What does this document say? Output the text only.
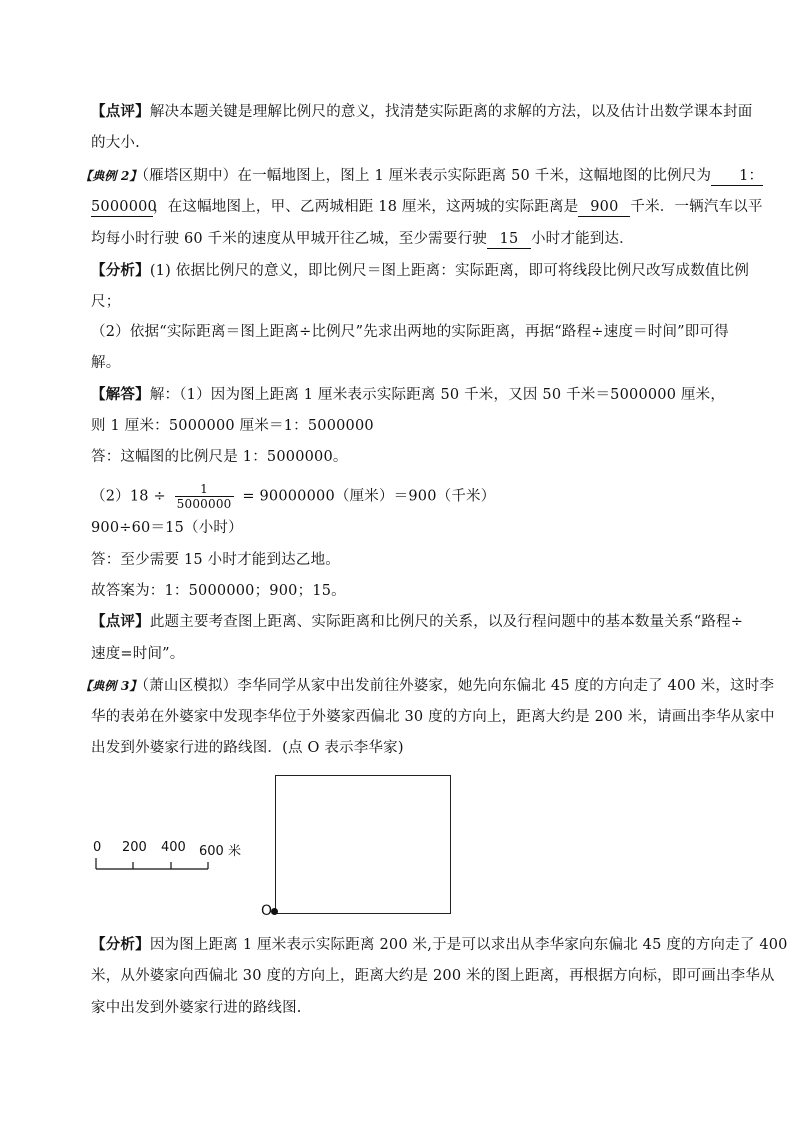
【点评】解决本题关键是理解比例尺的意义，找清楚实际距离的求解的方法，以及估计出数学课本封面
的大小.
【典例 2】（雁塔区期中）在一幅地图上，图上 1 厘米表示实际距离 50 千米，这幅地图的比例尺为 1：
5000000，在这幅地图上，甲、乙两城相距 18 厘米，这两城的实际距离是 900 千米．一辆汽车以平
均每小时行驶 60 千米的速度从甲城开往乙城，至少需要行驶 15 小时才能到达．
【分析】(1) 依据比例尺的意义，即比例尺＝图上距离：实际距离，即可将线段比例尺改写成数值比例
尺；
（2）依据“实际距离＝图上距离÷比例尺”先求出两地的实际距离，再据“路程÷速度＝时间”即可得
解。
【解答】解：（1）因为图上距离 1 厘米表示实际距离 50 千米，又因 50 千米＝5000000 厘米，
则 1 厘米：5000000 厘米＝1：5000000
答：这幅图的比例尺是 1：5000000。
$(2)18 \div \frac{1}{5000000} = 90000000$（厘米）＝900（千米）
900÷60＝15（小时）
答：至少需要 15 小时才能到达乙地。
故答案为：1：5000000；900；15。
【点评】此题主要考查图上距离、实际距离和比例尺的关系，以及行程问题中的基本数量关系“路程÷
速度=时间”。
【典例 3】（萧山区模拟）李华同学从家中出发前往外婆家，她先向东偏北 45 度的方向走了 400 米，这时李
华的表弟在外婆家中发现李华位于外婆家西偏北 30 度的方向上，距离大约是 200 米，请画出李华从家中
出发到外婆家行进的路线图．(点 O 表示李华家)
0 200 400 600 米
O
【分析】因为图上距离 1 厘米表示实际距离 200 米,于是可以求出从李华家向东偏北 45 度的方向走了 400
米，从外婆家向西偏北 30 度的方向上，距离大约是 200 米的图上距离，再根据方向标，即可画出李华从
家中出发到外婆家行进的路线图.
